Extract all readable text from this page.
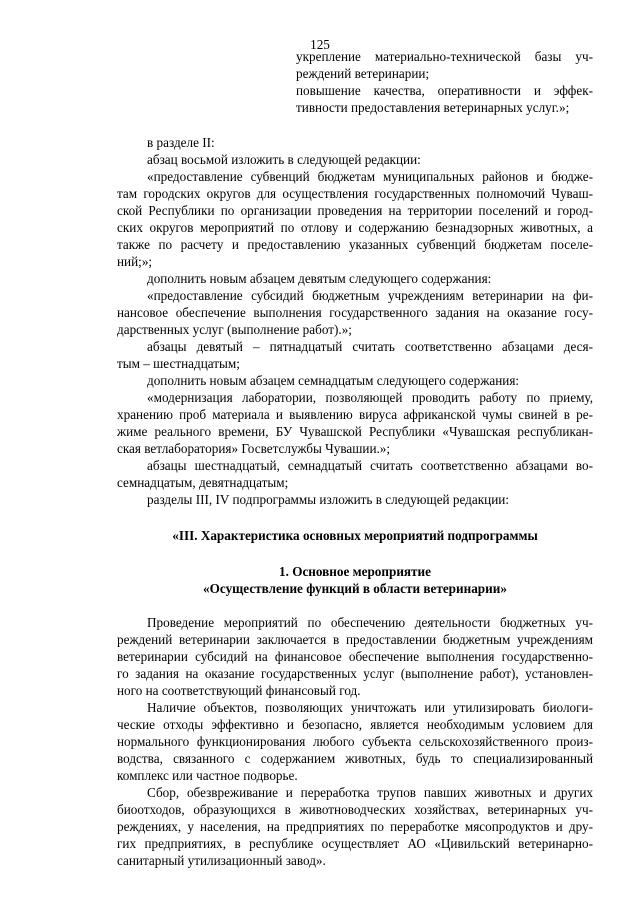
125
укрепление материально-технической базы уч-
реждений ветеринарии;
повышение качества, оперативности и эффек-
тивности предоставления ветеринарных услуг.»;
в разделе II:
абзац восьмой изложить в следующей редакции:
«предоставление субвенций бюджетам муниципальных районов и бюдже-
там городских округов для осуществления государственных полномочий Чуваш-
ской Республики по организации проведения на территории поселений и город-
ских округов мероприятий по отлову и содержанию безнадзорных животных, а
также по расчету и предоставлению указанных субвенций бюджетам поселе-
ний;»;
дополнить новым абзацем девятым следующего содержания:
«предоставление субсидий бюджетным учреждениям ветеринарии на фи-
нансовое обеспечение выполнения государственного задания на оказание госу-
дарственных услуг (выполнение работ).»;
абзацы девятый – пятнадцатый считать соответственно абзацами деся-
тым – шестнадцатым;
дополнить новым абзацем семнадцатым следующего содержания:
«модернизация лаборатории, позволяющей проводить работу по приему,
хранению проб материала и выявлению вируса африканской чумы свиней в ре-
жиме реального времени, БУ Чувашской Республики «Чувашская республикан-
ская ветлаборатория» Госветслужбы Чувашии.»;
абзацы шестнадцатый, семнадцатый считать соответственно абзацами во-
семнадцатым, девятнадцатым;
разделы III, IV подпрограммы изложить в следующей редакции:
«III. Характеристика основных мероприятий подпрограммы
1. Основное мероприятие
«Осуществление функций в области ветеринарии»
Проведение мероприятий по обеспечению деятельности бюджетных уч-
реждений ветеринарии заключается в предоставлении бюджетным учреждениям
ветеринарии субсидий на финансовое обеспечение выполнения государственно-
го задания на оказание государственных услуг (выполнение работ), установлен-
ного на соответствующий финансовый год.
Наличие объектов, позволяющих уничтожать или утилизировать биологи-
ческие отходы эффективно и безопасно, является необходимым условием для
нормального функционирования любого субъекта сельскохозяйственного произ-
водства, связанного с содержанием животных, будь то специализированный
комплекс или частное подворье.
Сбор, обезвреживание и переработка трупов павших животных и других
биоотходов, образующихся в животноводческих хозяйствах, ветеринарных уч-
реждениях, у населения, на предприятиях по переработке мясопродуктов и дру-
гих предприятиях, в республике осуществляет АО «Цивильский ветеринарно-
санитарный утилизационный завод».
